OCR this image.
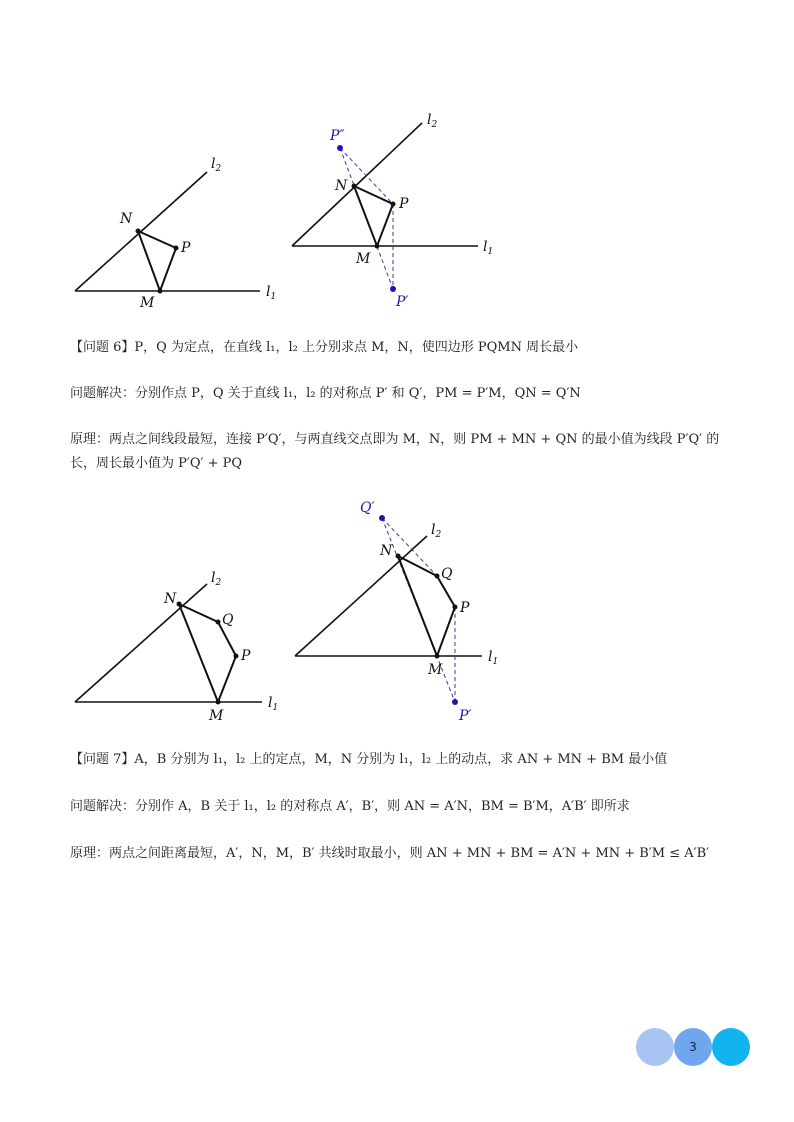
N
P
M
$l_2$
$l_1$
P″
P′
N
P
M
$l_2$
$l_1$
N
Q
P
M
$l_2$
$l_1$
Q′
P′
N
Q
P
M
$l_2$
$l_1$
【问题 6】P，Q 为定点，在直线 l₁，l₂ 上分别求点 M，N，使四边形 PQMN 周长最小
问题解决：分别作点 P，Q 关于直线 l₁，l₂ 的对称点 P′ 和 Q′，PM = P′M，QN = Q′N
原理：两点之间线段最短，连接 P′Q′，与两直线交点即为 M，N，则 PM + MN + QN 的最小值为线段 P′Q′ 的长，周长最小值为 P′Q′ + PQ
【问题 7】A，B 分别为 l₁，l₂ 上的定点，M，N 分别为 l₁，l₂ 上的动点，求 AN + MN + BM 最小值
问题解决：分别作 A，B 关于 l₁，l₂ 的对称点 A′，B′，则 AN = A′N，BM = B′M，A′B′ 即所求
原理：两点之间距离最短，A′，N，M，B′ 共线时取最小，则 AN + MN + BM = A′N + MN + B′M ≤ A′B′
3
